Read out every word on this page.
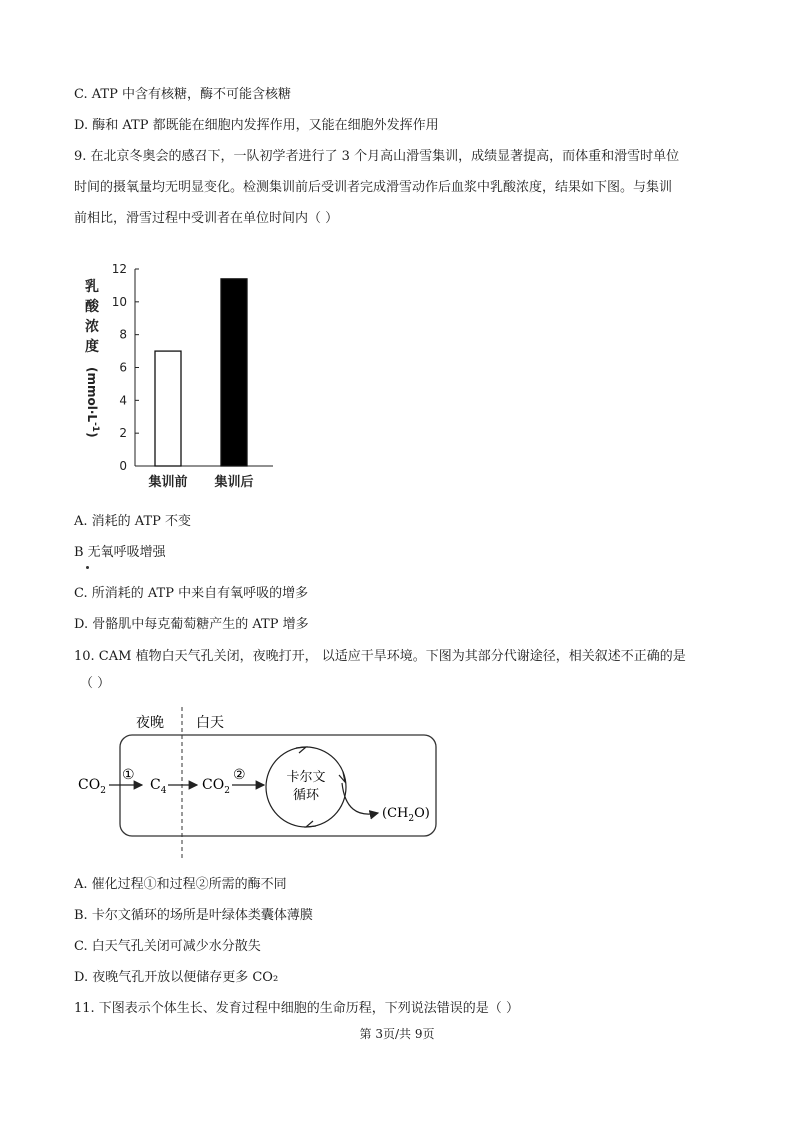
C. ATP 中含有核糖，酶不可能含核糖
D. 酶和 ATP 都既能在细胞内发挥作用，又能在细胞外发挥作用
9. 在北京冬奥会的感召下，一队初学者进行了 3 个月高山滑雪集训，成绩显著提高，而体重和滑雪时单位
时间的摄氧量均无明显变化。检测集训前后受训者完成滑雪动作后血浆中乳酸浓度，结果如下图。与集训
前相比，滑雪过程中受训者在单位时间内（ ）
0
2
4
6
8
10
12
集训前 集训后
乳
酸
浓
度
$(mmol\cdot L^{-1})$
A. 消耗的 ATP 不变
B 无氧呼吸增强
C. 所消耗的 ATP 中来自有氧呼吸的增多
D. 骨骼肌中每克葡萄糖产生的 ATP 增多
10. CAM 植物白天气孔关闭，夜晚打开， 以适应干旱环境。下图为其部分代谢途径，相关叙述不正确的是
（ ）
夜晚 白天
$CO_2$
①
$C_4$	$CO_2$
②	卡尔文
循环
$(CH_2O)$
A. 催化过程①和过程②所需的酶不同
B. 卡尔文循环的场所是叶绿体类囊体薄膜
C. 白天气孔关闭可减少水分散失
D. 夜晚气孔开放以便储存更多 CO₂
11. 下图表示个体生长、发育过程中细胞的生命历程，下列说法错误的是（ ）
第 3页/共 9页
